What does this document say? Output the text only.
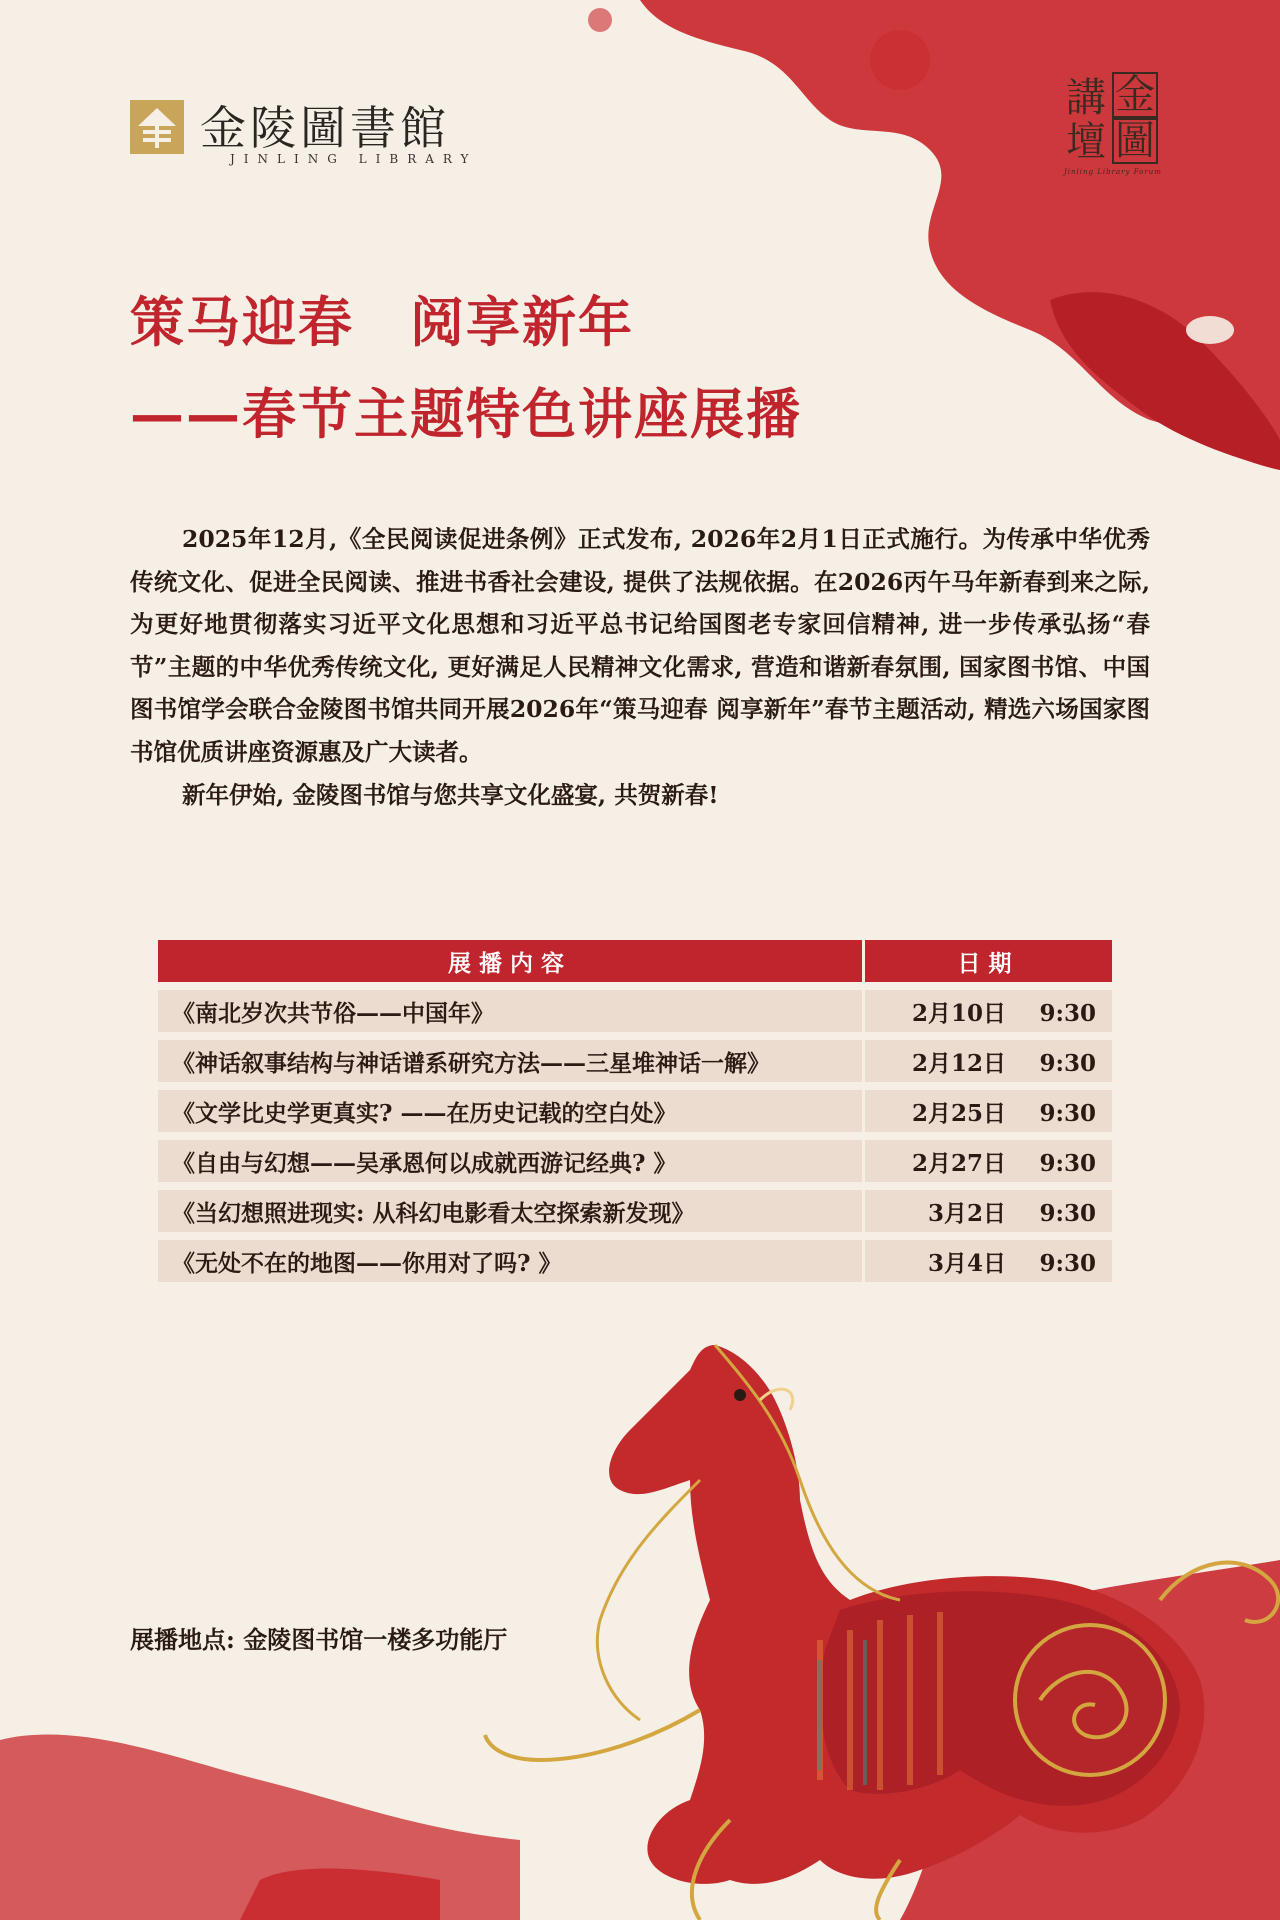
金陵圖書館
JINLING LIBRARY
講 金
壇 圖
Jinling Library Forum
策马迎春　阅享新年
——春节主题特色讲座展播

2025年12月,《全民阅读促进条例》正式发布, 2026年2月1日正式施行。为传承中华优秀传统文化、促进全民阅读、推进书香社会建设, 提供了法规依据。在2026丙午马年新春到来之际, 为更好地贯彻落实习近平文化思想和习近平总书记给国图老专家回信精神, 进一步传承弘扬“春节”主题的中华优秀传统文化, 更好满足人民精神文化需求, 营造和谐新春氛围, 国家图书馆、中国图书馆学会联合金陵图书馆共同开展2026年“策马迎春 阅享新年”春节主题活动, 精选六场国家图书馆优质讲座资源惠及广大读者。

新年伊始, 金陵图书馆与您共享文化盛宴, 共贺新春!

展播内容	日期
《南北岁次共节俗——中国年》	2月10日 9:30
《神话叙事结构与神话谱系研究方法——三星堆神话一解》	2月12日 9:30
《文学比史学更真实? ——在历史记载的空白处》	2月25日 9:30
《自由与幻想——吴承恩何以成就西游记经典? 》	2月27日 9:30
《当幻想照进现实: 从科幻电影看太空探索新发现》	3月2日 9:30
《无处不在的地图——你用对了吗? 》	3月4日 9:30
展播地点: 金陵图书馆一楼多功能厅
